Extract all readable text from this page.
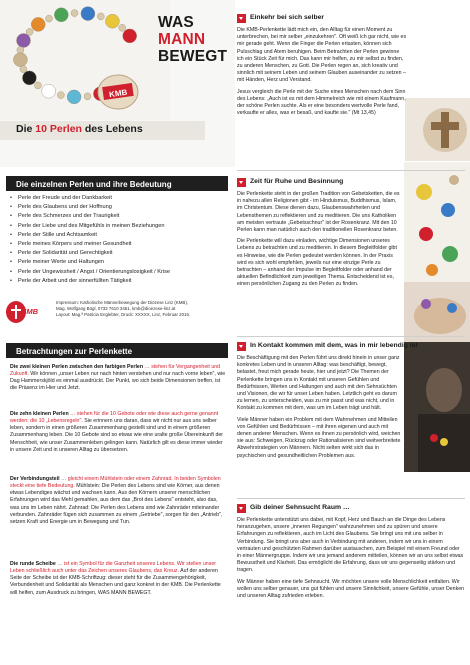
KMB
WAS MANN
BEWEGT
Die 10 Perlen des Lebens
Die einzelnen Perlen und ihre Bedeutung
• Perle der Freude und der Dankbarkeit
• Perle des Glaubens und der Hoffnung
• Perle des Schmerzes und der Traurigkeit
• Perle der Liebe und des Mitgefühls in meinen Beziehungen
• Perle der Stille und Achtsamkeit
• Perle meines Körpers und meiner Gesundheit
• Perle der Solidarität und Gerechtigkeit
• Perle meiner Werte und Haltungen
• Perle der Ungewissheit / Angst / Orientierungslosigkeit / Krise
• Perle der Arbeit und der sinnerfüllten Tätigkeit
KMB
Impressum: Katholische Männerbewegung der Diözese Linz (KMB),
Mag. Wolfgang Bögl, 0732 7610 3461, kmb@dioezese-linz.at
Layout: Mag.ª Patricia Englebter, Druck: XXXXX, Linz, Februar 2016.
Betrachtungen zur Perlenkette
Die zwei kleinen Perlen zwischen den farbigen Perlen … stehen für Vergangenheit und Zukunft. Wir können „unser Leben nur nach hinten verstehen und nur nach vorne leben", wie Dag Hammerskjöld es einmal ausdrückt. Der Punkt, wo sich beide Dimensionen treffen, ist die Präsenz im Hier und Jetzt.
Die zehn kleinen Perlen … stehen für die 10 Gebote oder wie diese auch gerne genannt werden: die 10 „Lebensregeln". Sie erinnern uns daran, dass wir nicht nur aus uns selber leben, sondern in einen größeren Zusammenhang gestellt sind und in einem größeren Zusammenhang leben. Die 10 Gebote sind so etwas wie eine uralte große Übereinkunft der Menschheit, wie unser Zusammenleben gelingen kann. Natürlich gilt es diese immer wieder in unsere Zeit und in unseren Alltag zu übersetzen.
Der Verbindungsteil … gleicht einem Mühlstein oder einem Zahnrad. In beiden Symbolen steckt eine tiefe Bedeutung. Mühlstein: Die Perlen des Lebens sind wie Körner, aus denen etwas Lebendiges wächst und wachsen kann. Aus den Körnern unserer menschlichen Erfahrungen wird das Mehl gemahlen, aus dem das „Brot des Lebens" entsteht, also das, was uns im Leben nährt. Zahnrad: Die Perlen des Lebens sind wie Zahnräder miteinander verbunden. Zahnräder fügen sich zusammen zu einem „Getriebe", sorgen für den „Antrieb", setzen Kraft und Energie um in Bewegung und Tun.
Die runde Scheibe … ist ein Symbol für die Ganzheit unseres Lebens. Wir stellen unser Leben schließlich auch unter das Zeichen unseres Glaubens, das Kreuz. Auf der anderen Seite der Scheibe ist der KMB-Schriftzug: dieser steht für die Zusammengehörigkeit, Verbundenheit und Solidarität als Menschen und ganz konkret in der KMB. Die Perlenkette will helfen, zum Ausdruck zu bringen, WAS MANN BEWEGT.
Einkehr bei sich selber

Die KMB-Perlenkette lädt mich ein, den Alltag für einen Moment zu unterbrechen, bei mir selber „einzukehren". Oft weiß ich gar nicht, wie es mir gerade geht. Wenn die Finger die Perlen ertasten, können sich Pulsschlag und Atem beruhigen. Beim Betrachten der Perlen gewinne ich ein Stück Zeit für mich. Das kann mir helfen, zu mir selbst zu finden, zu anderen Menschen, zu Gott. Die Perlen regen an, sich kreativ und sinnlich mit seinem Leben und seinem Glauben auseinander zu setzen – mit Händen, Herz und Verstand.

Jesus vergleich die Perle mit der Suche eines Menschen nach dem Sinn des Lebens: „Auch ist es mit dem Himmelreich wie mit einem Kaufmann, der schöne Perlen suchte. Als er eine besonders wertvolle Perle fand, verkaufte er alles, was er besaß, und kaufte sie." (Mt 13,45)

Zeit für Ruhe und Besinnung

Die Perlenkette steht in der großen Tradition von Gebetsketten, die es in nahezu allen Religionen gibt - im Hinduismus, Buddhismus, Islam, im Christentum. Diese dienen dazu, Glaubenswahrheiten und Lebensthemen zu reflektieren und zu meditieren. Die uns Katholiken am meisten vertraute „Gebetsschnur" ist der Rosenkranz. Mit den 10 Perlen kann man natürlich auch den traditionellen Rosenkranz beten.

Die Perlenkette will dazu einladen, wichtige Dimensionen unseres Lebens zu betrachten und zu meditieren. In diesem Begleitfolder gibt es Hinweise, wie die Perlen gedeutet werden können. In der Praxis wird es sich wohl empfehlen, jeweils nur eine einzige Perle zu betrachten – anhand der Impulse im Begleitfolder oder anhand der aktuellen Befindlichkeit zum jeweiligen Thema. Entscheidend ist es, einen persönlichen Zugang zu den Perlen zu finden.

In Kontakt kommen mit dem, was in mir lebendig ist

Die Beschäftigung mit den Perlen führt uns direkt hinein in unser ganz konkretes Leben und in unseren Alltag: was beschäftigt, bewegt, belastet, freut mich gerade heute, hier und jetzt? Die Themen der Perlenkette bringen uns in Kontakt mit unseren Gefühlen und Bedürfnissen, Werten und Haltungen und auch mit den Sehnsüchten und Visionen, die wir für unser Leben haben. Letztlich geht es darum zu lernen, zu unterscheiden, was zu mir passt und was nicht, und in Kontakt zu kommen mit dem, was um im Leben trägt und hält.

Viele Männer haben ein Problem mit dem Wahrnehmen und Mitteilen von Gefühlen und Bedürfnissen – mit ihren eigenen und auch mit denen anderer Menschen. Wenn es ihnen zu persönlich wird, weichen sie aus: Schweigen, Rückzug oder Rationalisieren sind weitverbreitete Abwehrstrategien von Männern. Nicht selten wirkt sich das in psychischen und gesundheitlichen Problemen aus.

Gib deiner Sehnsucht Raum …

Die Perlenkette unterstützt uns dabei, mit Kopf, Herz und Bauch an die Dinge des Lebens heranzugehen, unsere „inneren Regungen" wahrzunehmen und zu spüren und unsere Erfahrungen zu reflektieren, auch im Licht des Glaubens. Sie bringt uns mit uns selber in Verbindung. Sie bringt uns aber auch in Verbindung mit anderen, indem wir uns in einem vertrauten und geschützten Rahmen darüber austauschen, zum Beispiel mit einem Freund oder in einer Männergruppe. Indem wir uns jemand anderem mitteilen, können wir an uns selbst etwas Bewusstheit und Klarheit. Das ermöglicht die Erfahrung, dass wir uns gegenseitig stärken und tragen.

Wir Männer haben eine tiefe Sehnsucht. Wir möchten unsere volle Menschlichkeit entfalten. Wir wollen uns selber genauer, uns gut fühlen und unsere Sinnlichkeit, unsere Gefühle, unser Denken und unseren Alltag zufrieden erleben.
